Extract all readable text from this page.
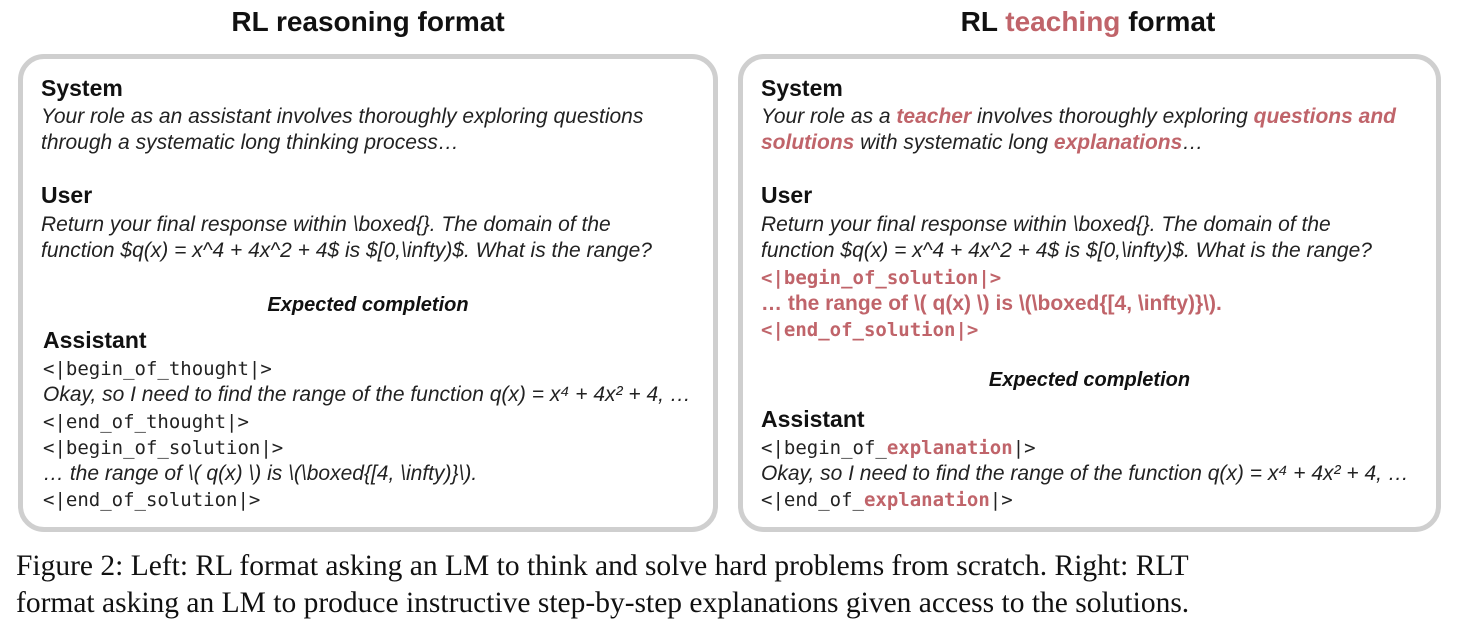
RL reasoning format	RL teaching format
System
Your role as an assistant involves thoroughly exploring questions
through a systematic long thinking process…
User
Return your final response within \boxed{}. The domain of the
function $q(x) = x^4 + 4x^2 + 4$ is $[0,\infty)$. What is the range?
Expected completion
Assistant
<|begin_of_thought|>
Okay, so I need to find the range of the function q(x) = x⁴ + 4x² + 4, …
<|end_of_thought|>
<|begin_of_solution|>
… the range of \( q(x) \) is \(\boxed{[4, \infty)}\).
<|end_of_solution|>
System
Your role as a teacher involves thoroughly exploring questions and
solutions with systematic long explanations…
User
Return your final response within \boxed{}. The domain of the
function $q(x) = x^4 + 4x^2 + 4$ is $[0,\infty)$. What is the range?
<|begin_of_solution|>
… the range of \( q(x) \) is \(\boxed{[4, \infty)}\).
<|end_of_solution|>
Expected completion
Assistant
<|begin_of_explanation|>
Okay, so I need to find the range of the function q(x) = x⁴ + 4x² + 4, …
<|end_of_explanation|>
Figure 2: Left: RL format asking an LM to think and solve hard problems from scratch. Right: RLT
format asking an LM to produce instructive step-by-step explanations given access to the solutions.
